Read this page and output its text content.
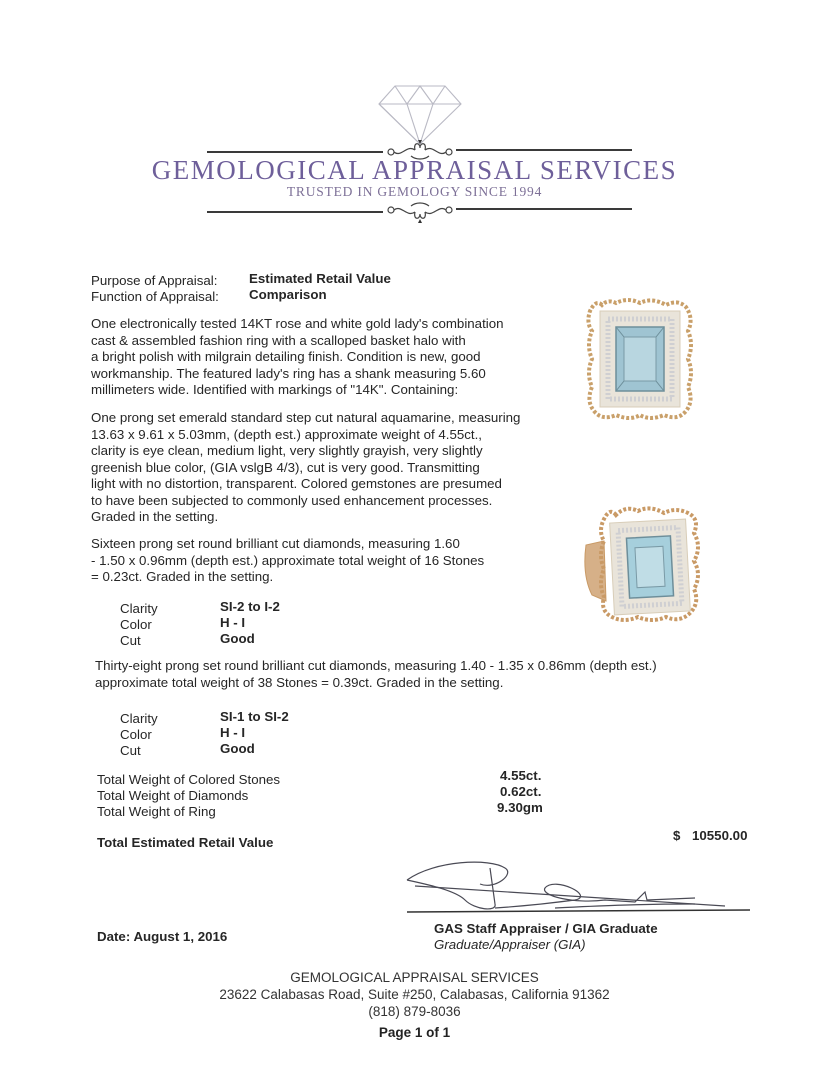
GEMOLOGICAL APPRAISAL SERVICES
TRUSTED IN GEMOLOGY SINCE 1994
Purpose of Appraisal: Estimated Retail Value
Function of Appraisal: Comparison
One electronically tested 14KT rose and white gold lady's combination
cast & assembled fashion ring with a scalloped basket halo with
a bright polish with milgrain detailing finish. Condition is new, good
workmanship. The featured lady's ring has a shank measuring 5.60
millimeters wide. Identified with markings of "14K". Containing:
One prong set emerald standard step cut natural aquamarine, measuring
13.63 x 9.61 x 5.03mm, (depth est.) approximate weight of 4.55ct.,
clarity is eye clean, medium light, very slightly grayish, very slightly
greenish blue color, (GIA vslgB 4/3), cut is very good. Transmitting
light with no distortion, transparent. Colored gemstones are presumed
to have been subjected to commonly used enhancement processes.
Graded in the setting.
Sixteen prong set round brilliant cut diamonds, measuring 1.60
- 1.50 x 0.96mm (depth est.) approximate total weight of 16 Stones
= 0.23ct. Graded in the setting.
Clarity	SI-2 to I-2
Color	H - I
Cut	Good
Thirty-eight prong set round brilliant cut diamonds, measuring 1.40 - 1.35 x 0.86mm (depth est.)
approximate total weight of 38 Stones = 0.39ct. Graded in the setting.
Clarity	SI-1 to SI-2
Color	H - I
Cut	Good
Total Weight of Colored Stones	4.55ct.
Total Weight of Diamonds	0.62ct.
Total Weight of Ring	9.30gm
Total Estimated Retail Value	$ 10550.00
GAS Staff Appraiser / GIA Graduate
Graduate/Appraiser (GIA)
Date: August 1, 2016
GEMOLOGICAL APPRAISAL SERVICES
23622 Calabasas Road, Suite #250, Calabasas, California 91362
(818) 879-8036
Page 1 of 1
